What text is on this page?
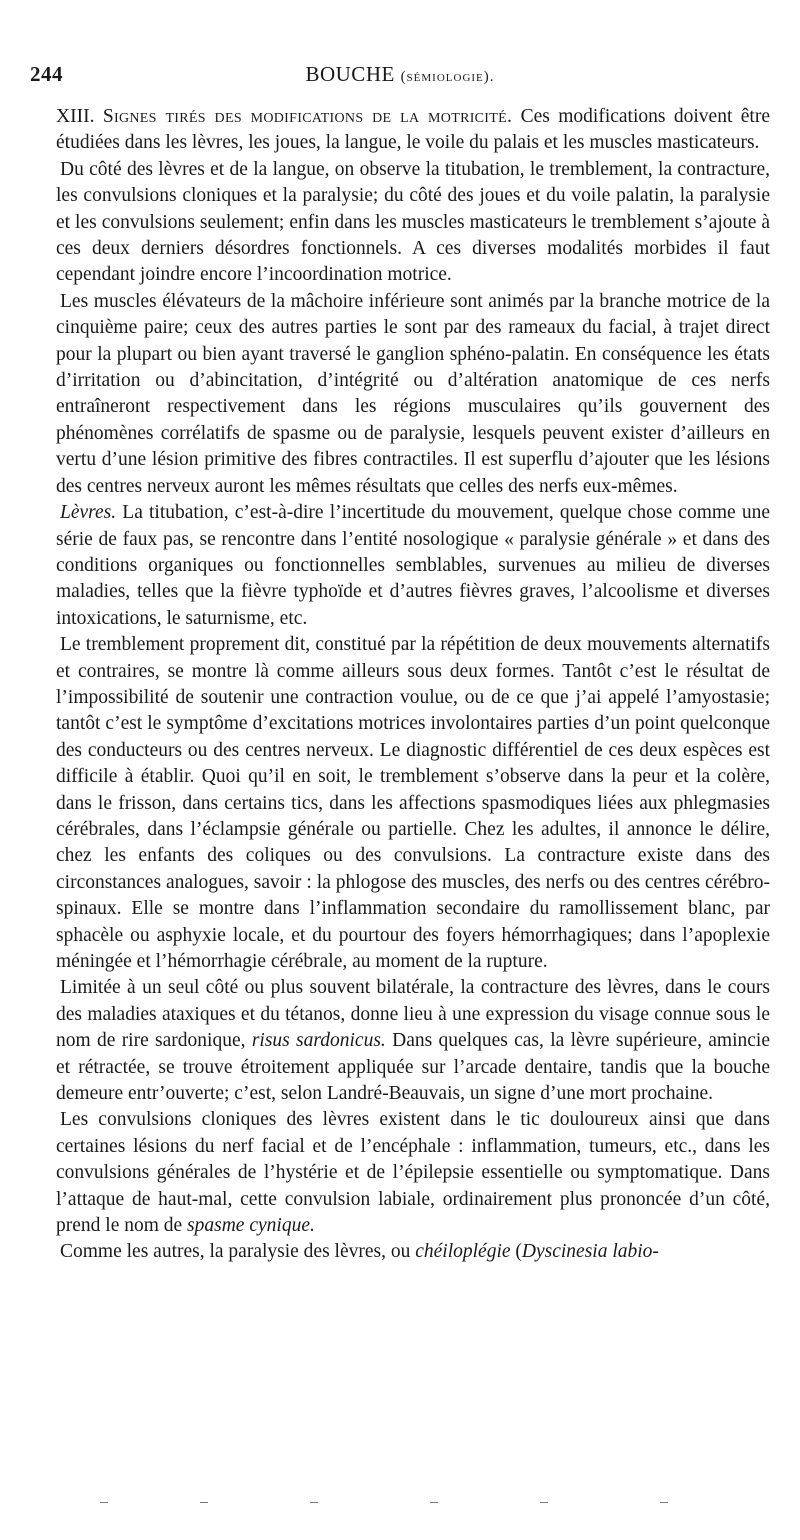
244	BOUCHE (sémiologie).

XIII. Signes tirés des modifications de la motricité. Ces modifications doivent être étudiées dans les lèvres, les joues, la langue, le voile du palais et les muscles masticateurs.

Du côté des lèvres et de la langue, on observe la titubation, le tremblement, la contracture, les convulsions cloniques et la paralysie; du côté des joues et du voile palatin, la paralysie et les convulsions seulement; enfin dans les muscles masticateurs le tremblement s’ajoute à ces deux derniers désordres fonctionnels. A ces diverses modalités morbides il faut cependant joindre encore l’incoordination motrice.

Les muscles élévateurs de la mâchoire inférieure sont animés par la branche motrice de la cinquième paire; ceux des autres parties le sont par des rameaux du facial, à trajet direct pour la plupart ou bien ayant traversé le ganglion sphéno-palatin. En conséquence les états d’irritation ou d’abincitation, d’intégrité ou d’altération anatomique de ces nerfs entraîneront respectivement dans les régions musculaires qu’ils gouvernent des phénomènes corrélatifs de spasme ou de paralysie, lesquels peuvent exister d’ailleurs en vertu d’une lésion primitive des fibres contractiles. Il est superflu d’ajouter que les lésions des centres nerveux auront les mêmes résultats que celles des nerfs eux-mêmes.

Lèvres. La titubation, c’est-à-dire l’incertitude du mouvement, quelque chose comme une série de faux pas, se rencontre dans l’entité nosologique « paralysie générale » et dans des conditions organiques ou fonctionnelles semblables, survenues au milieu de diverses maladies, telles que la fièvre typhoïde et d’autres fièvres graves, l’alcoolisme et diverses intoxications, le saturnisme, etc.

Le tremblement proprement dit, constitué par la répétition de deux mouvements alternatifs et contraires, se montre là comme ailleurs sous deux formes. Tantôt c’est le résultat de l’impossibilité de soutenir une contraction voulue, ou de ce que j’ai appelé l’amyostasie; tantôt c’est le symptôme d’excitations motrices involontaires parties d’un point quelconque des conducteurs ou des centres nerveux. Le diagnostic différentiel de ces deux espèces est difficile à établir. Quoi qu’il en soit, le tremblement s’observe dans la peur et la colère, dans le frisson, dans certains tics, dans les affections spasmodiques liées aux phlegmasies cérébrales, dans l’éclampsie générale ou partielle. Chez les adultes, il annonce le délire, chez les enfants des coliques ou des convulsions. La contracture existe dans des circonstances analogues, savoir : la phlogose des muscles, des nerfs ou des centres cérébro-spinaux. Elle se montre dans l’inflammation secondaire du ramollissement blanc, par sphacèle ou asphyxie locale, et du pourtour des foyers hémorrhagiques; dans l’apoplexie méningée et l’hémorrhagie cérébrale, au moment de la rupture.

Limitée à un seul côté ou plus souvent bilatérale, la contracture des lèvres, dans le cours des maladies ataxiques et du tétanos, donne lieu à une expression du visage connue sous le nom de rire sardonique, risus sardonicus. Dans quelques cas, la lèvre supérieure, amincie et rétractée, se trouve étroitement appliquée sur l’arcade dentaire, tandis que la bouche demeure entr’ouverte; c’est, selon Landré-Beauvais, un signe d’une mort prochaine.

Les convulsions cloniques des lèvres existent dans le tic douloureux ainsi que dans certaines lésions du nerf facial et de l’encéphale : inflammation, tumeurs, etc., dans les convulsions générales de l’hystérie et de l’épilepsie essentielle ou symptomatique. Dans l’attaque de haut-mal, cette convulsion labiale, ordinairement plus prononcée d’un côté, prend le nom de spasme cynique.

Comme les autres, la paralysie des lèvres, ou chéiloplégie (Dyscinesia labio-
